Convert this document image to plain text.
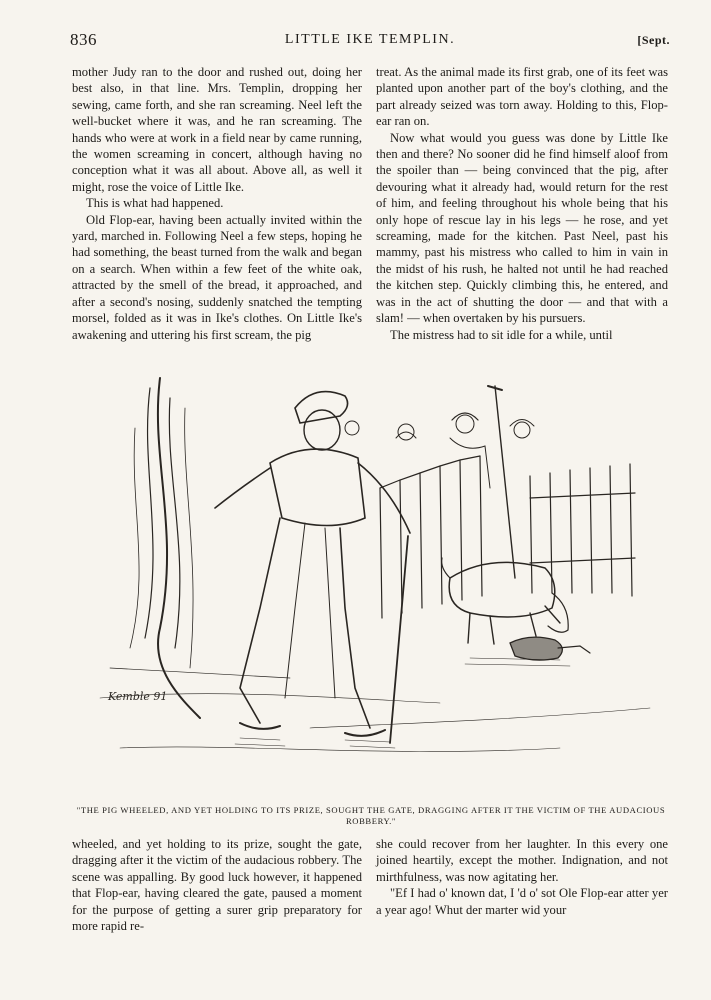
836	LITTLE IKE TEMPLIN.	[Sept.

mother Judy ran to the door and rushed out, doing her best also, in that line. Mrs. Templin, dropping her sewing, came forth, and she ran screaming. Neel left the well-bucket where it was, and he ran screaming. The hands who were at work in a field near by came running, the women screaming in concert, although having no conception what it was all about. Above all, as well it might, rose the voice of Little Ike.

This is what had happened.

Old Flop-ear, having been actually invited within the yard, marched in. Following Neel a few steps, hoping he had something, the beast turned from the walk and began on a search. When within a few feet of the white oak, attracted by the smell of the bread, it approached, and after a second's nosing, suddenly snatched the tempting morsel, folded as it was in Ike's clothes. On Little Ike's awakening and uttering his first scream, the pig

treat. As the animal made its first grab, one of its feet was planted upon another part of the boy's clothing, and the part already seized was torn away. Holding to this, Flop-ear ran on.

Now what would you guess was done by Little Ike then and there? No sooner did he find himself aloof from the spoiler than — being convinced that the pig, after devouring what it already had, would return for the rest of him, and feeling throughout his whole being that his only hope of rescue lay in his legs — he rose, and yet screaming, made for the kitchen. Past Neel, past his mammy, past his mistress who called to him in vain in the midst of his rush, he halted not until he had reached the kitchen step. Quickly climbing this, he entered, and was in the act of shutting the door — and that with a slam! — when overtaken by his pursuers.

The mistress had to sit idle for a while, until

Kemble 91
"THE PIG WHEELED, AND YET HOLDING TO ITS PRIZE, SOUGHT THE GATE, DRAGGING AFTER IT THE VICTIM OF THE AUDACIOUS ROBBERY."

wheeled, and yet holding to its prize, sought the gate, dragging after it the victim of the audacious robbery. The scene was appalling. By good luck however, it happened that Flop-ear, having cleared the gate, paused a moment for the purpose of getting a surer grip preparatory for more rapid re-

she could recover from her laughter. In this every one joined heartily, except the mother. Indignation, and not mirthfulness, was now agitating her.

"Ef I had o' known dat, I 'd o' sot Ole Flop-ear atter yer a year ago! Whut der marter wid your
